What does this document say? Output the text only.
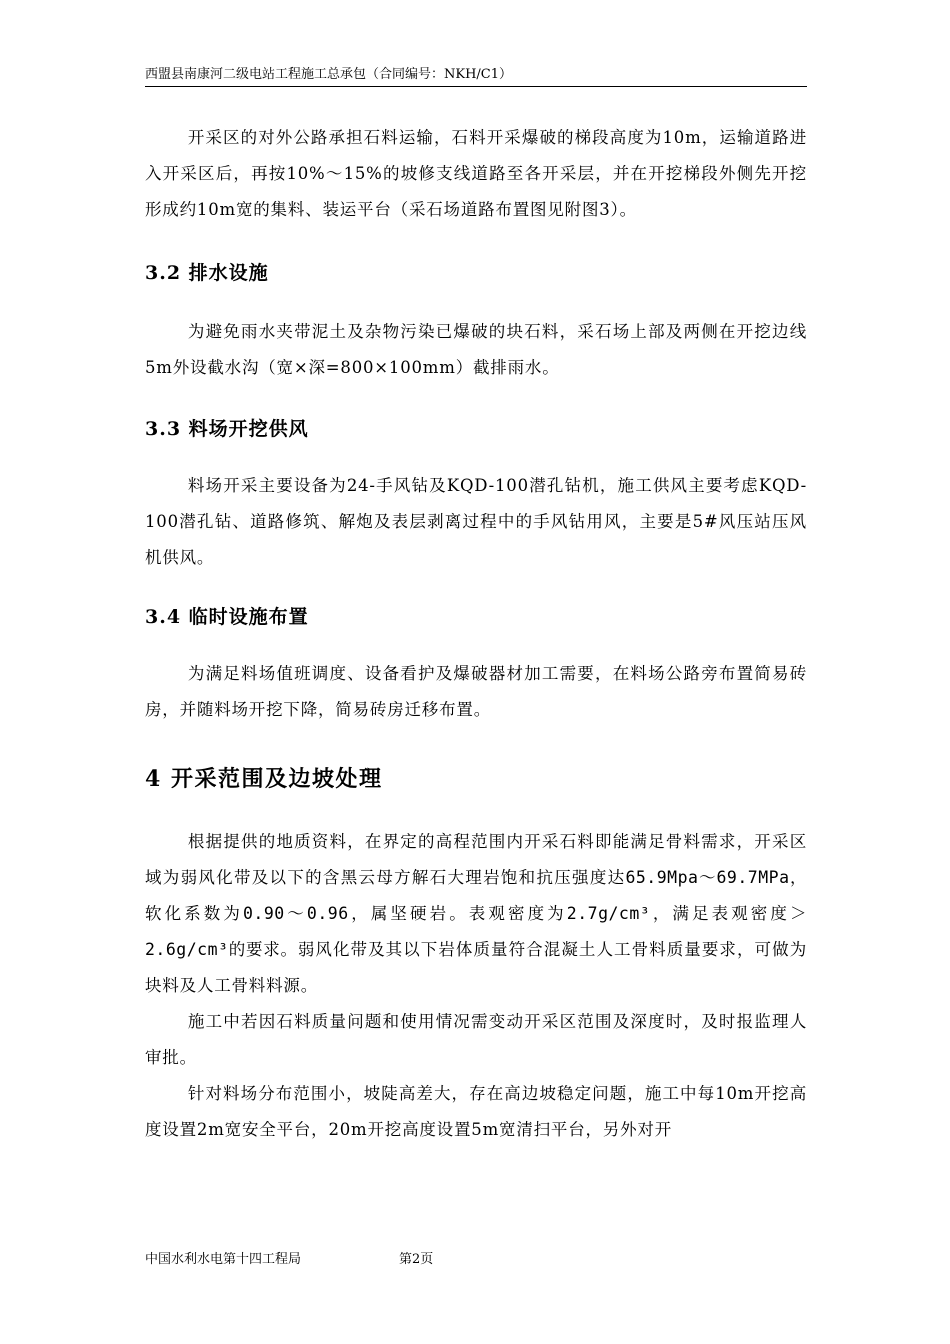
西盟县南康河二级电站工程施工总承包（合同编号：NKH/C1）

开采区的对外公路承担石料运输，石料开采爆破的梯段高度为10m，运输道路进入开采区后，再按10%～15%的坡修支线道路至各开采层，并在开挖梯段外侧先开挖形成约10m宽的集料、装运平台（采石场道路布置图见附图3）。

3.2 排水设施

为避免雨水夹带泥土及杂物污染已爆破的块石料，采石场上部及两侧在开挖边线5m外设截水沟（宽×深=800×100mm）截排雨水。

3.3 料场开挖供风

料场开采主要设备为24-手风钻及KQD-100潜孔钻机，施工供风主要考虑KQD-100潜孔钻、道路修筑、解炮及表层剥离过程中的手风钻用风，主要是5#风压站压风机供风。

3.4 临时设施布置

为满足料场值班调度、设备看护及爆破器材加工需要，在料场公路旁布置简易砖房，并随料场开挖下降，简易砖房迁移布置。

4 开采范围及边坡处理

根据提供的地质资料，在界定的高程范围内开采石料即能满足骨料需求，开采区域为弱风化带及以下的含黑云母方解石大理岩饱和抗压强度达65.9Mpa～69.7MPa，软化系数为0.90～0.96，属坚硬岩。表观密度为2.7g/cm³，满足表观密度＞2.6g/cm³的要求。弱风化带及其以下岩体质量符合混凝土人工骨料质量要求，可做为块料及人工骨料料源。

施工中若因石料质量问题和使用情况需变动开采区范围及深度时，及时报监理人审批。

针对料场分布范围小，坡陡高差大，存在高边坡稳定问题，施工中每10m开挖高度设置2m宽安全平台，20m开挖高度设置5m宽清扫平台，另外对开

中国水利水电第十四工程局	第2页
